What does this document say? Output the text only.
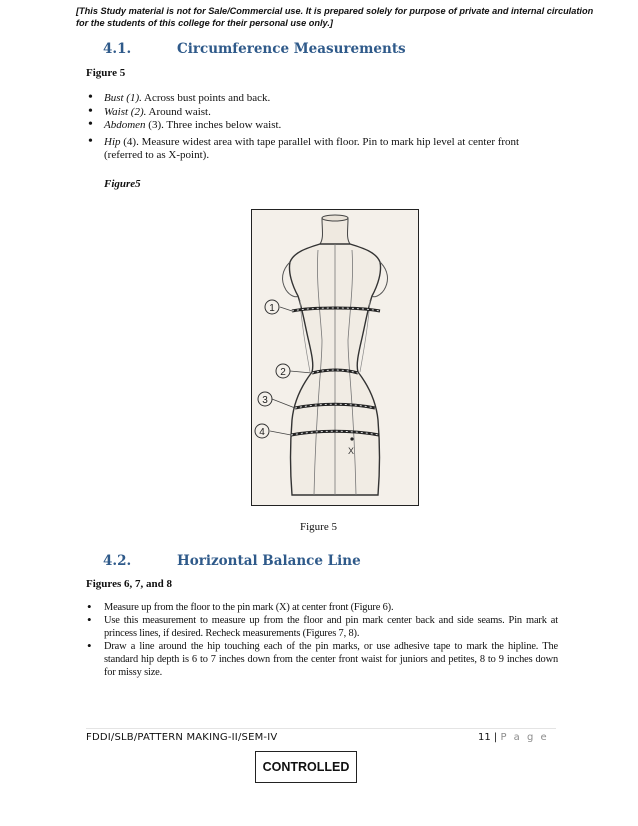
[This Study material is not for Sale/Commercial use. It is prepared solely for purpose of private and internal circulation for the students of this college for their personal use only.]
4.1.	Circumference Measurements
Figure 5
• Bust (1). Across bust points and back.
• Waist (2). Around waist.
• Abdomen (3). Three inches below waist.
• Hip (4). Measure widest area with tape parallel with floor. Pin to mark hip level at center front (referred to as X-point).
Figure5
1
2
3
4
X
Figure 5
4.2.	Horizontal Balance Line
Figures 6, 7, and 8
• Measure up from the floor to the pin mark (X) at center front (Figure 6).
• Use this measurement to measure up from the floor and pin mark center back and side seams. Pin mark at princess lines, if desired. Recheck measurements (Figures 7, 8).
• Draw a line around the hip touching each of the pin marks, or use adhesive tape to mark the hipline. The standard hip depth is 6 to 7 inches down from the center front waist for juniors and petites, 8 to 9 inches down for missy size.
FDDI/SLB/PATTERN MAKING-II/SEM-IV	11 | P a g e
CONTROLLED
